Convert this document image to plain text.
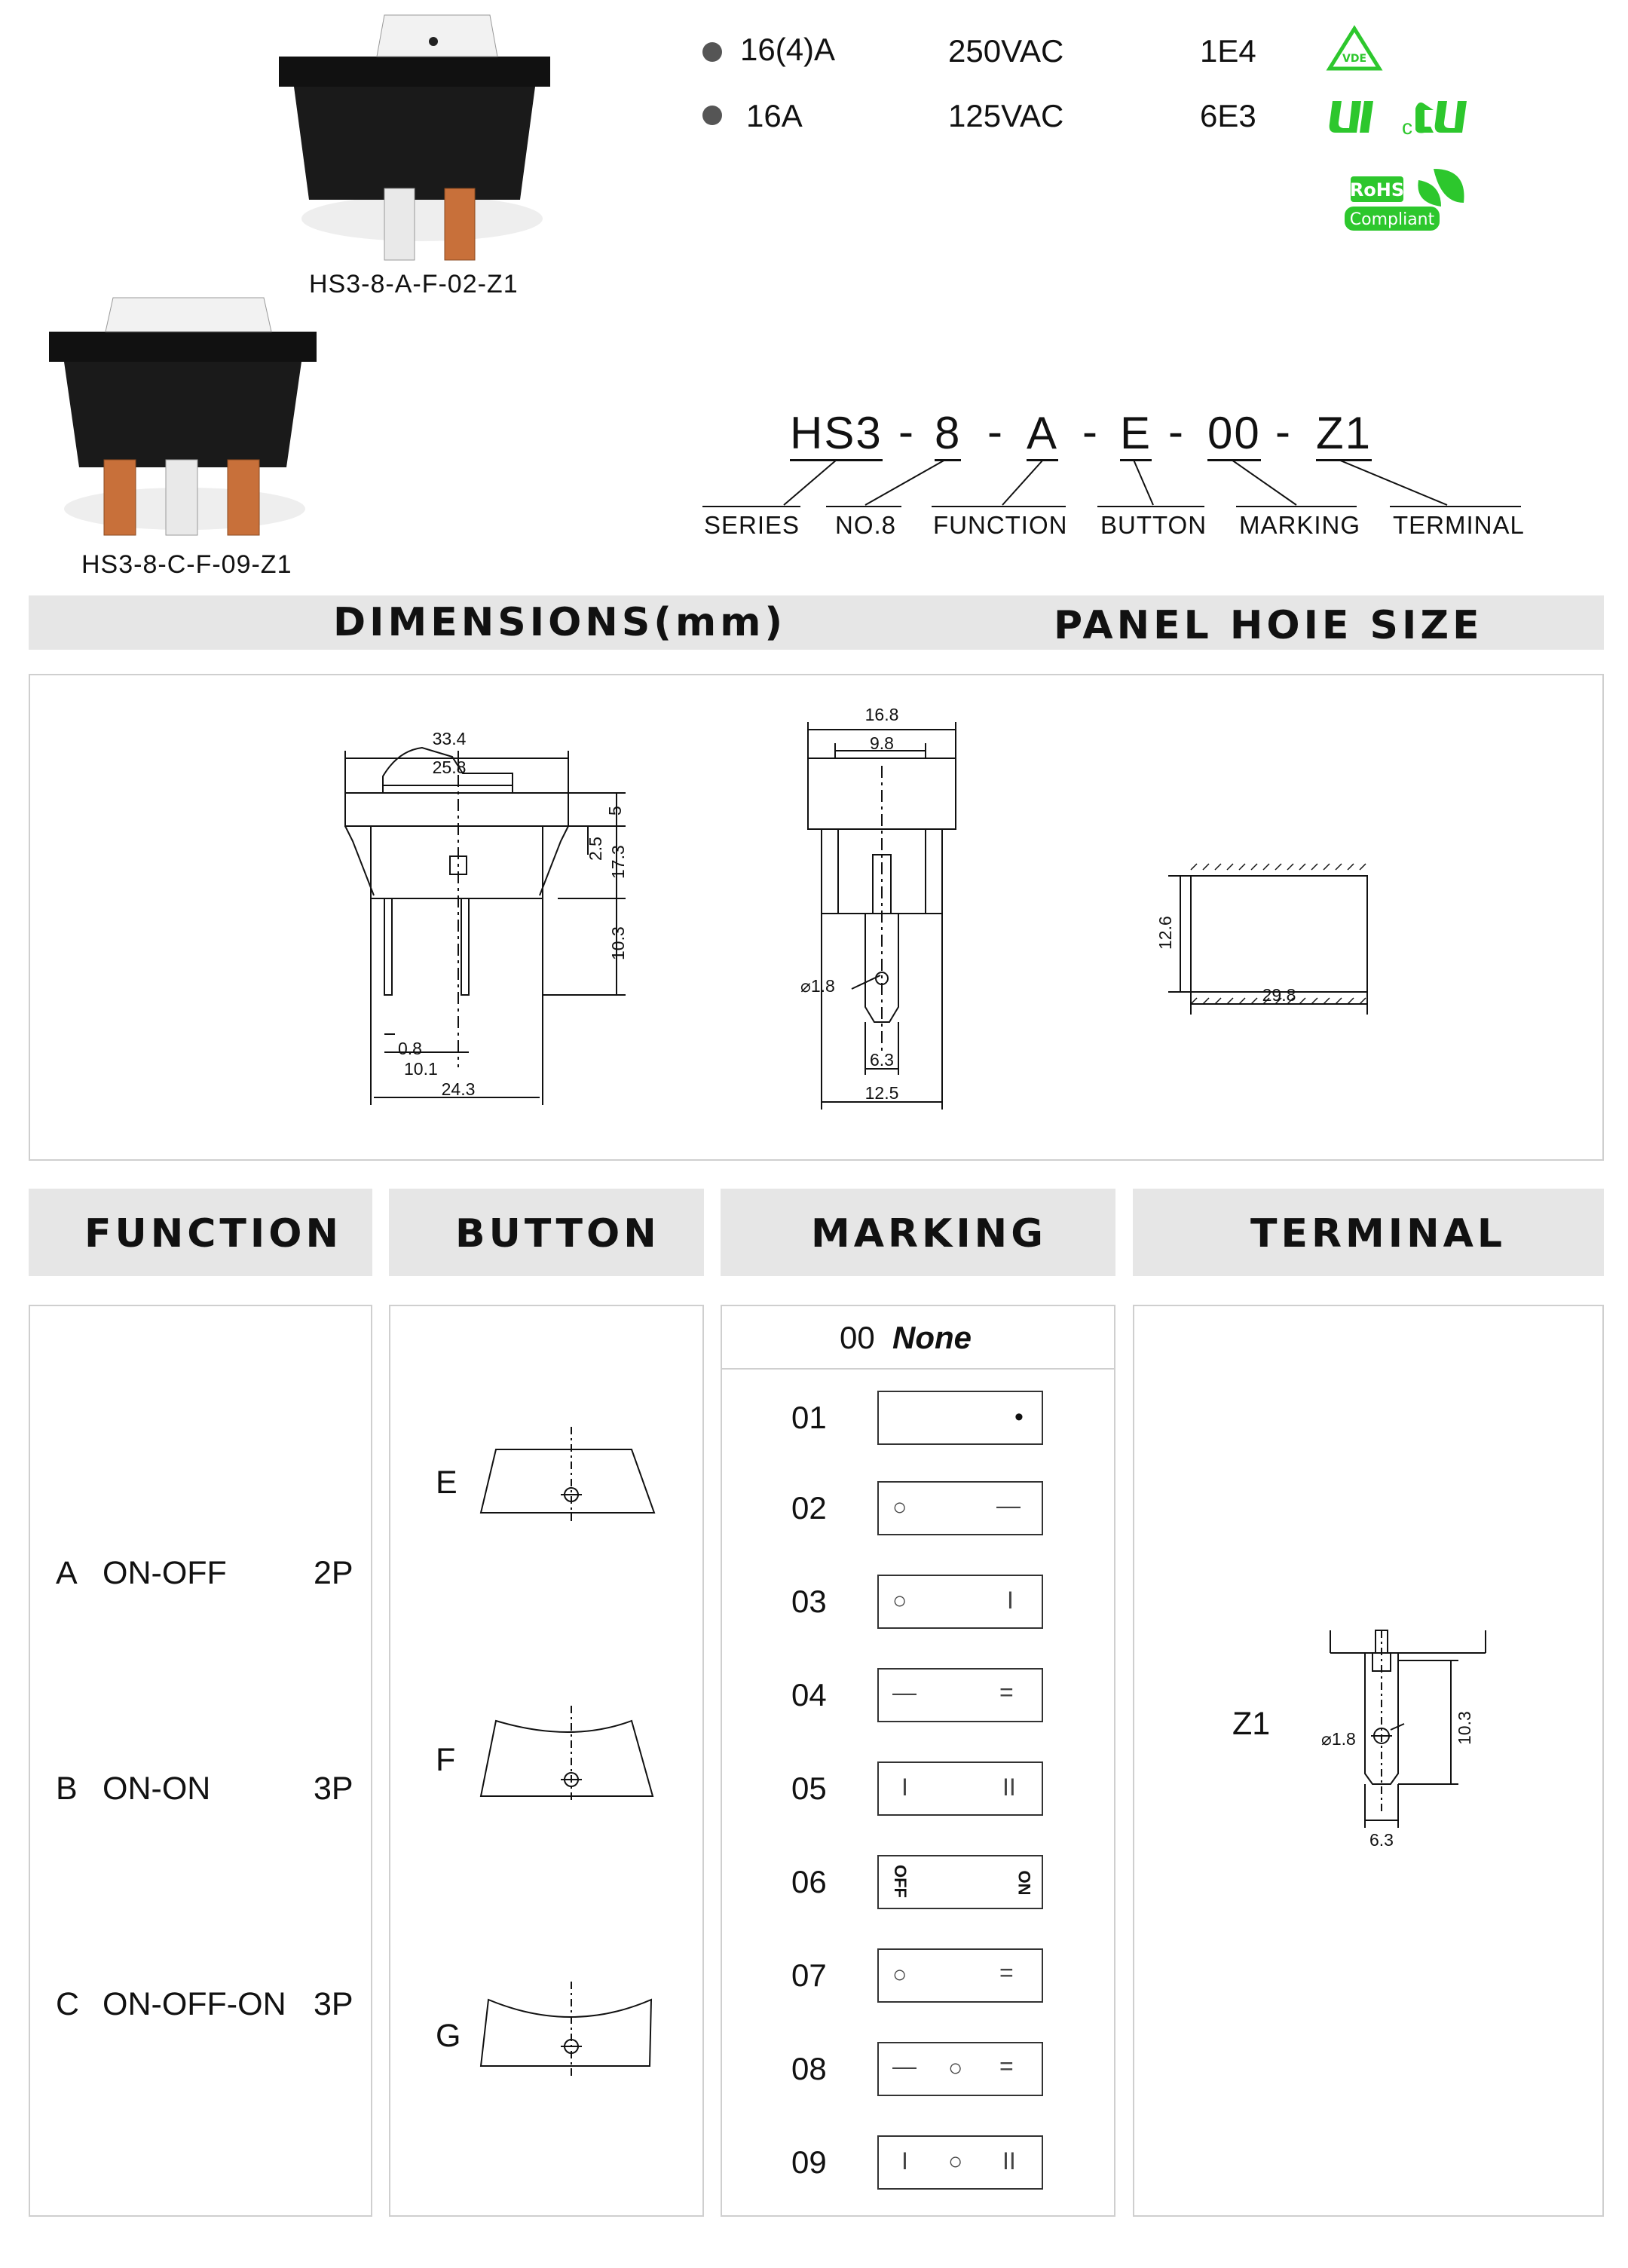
HS3-8-A-F-02-Z1
HS3-8-C-F-09-Z1
16(4)A	250VAC	1E4
16A	125VAC	6E3
VDE
c
RoHS
Compliant
HS3 - 8 - A - E - 00 - Z1
SERIES NO.8 FUNCTION BUTTON MARKING TERMINAL
DIMENSIONS(mm)	PANEL HOIE SIZE
33.4
25.8
5
2.5 17.3
10.3
0.8
10.1
24.3
16.8
9.8
⌀1.8
6.3
12.5
12.6
29.8
FUNCTION	BUTTON	MARKING	TERMINAL
A ON-OFF	2P
B ON-ON	3P
C ON-OFF-ON 3P
E
F
G
00 None
01	•
02	○	—
03	○	I
04	—	=
05	I	II
06	OFF	ON
07	○	=
08	— ○ =
09	I ○ II
Z1	⌀1.8	10.3
6.3
